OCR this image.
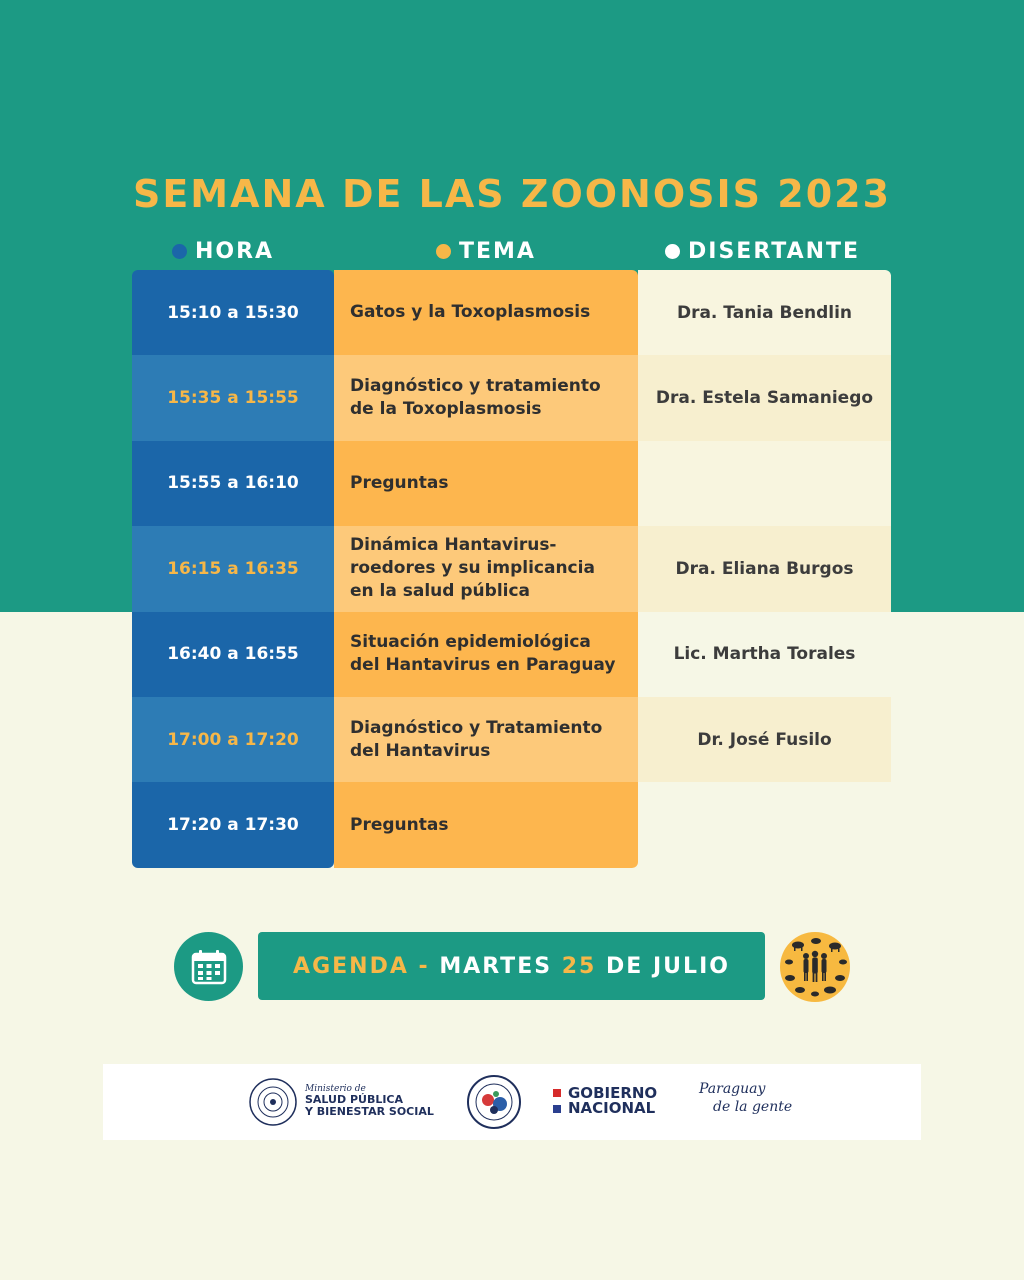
SEMANA DE LAS ZOONOSIS 2023
HORA	TEMA	DISERTANTE
15:10 a 15:30
15:35 a 15:55
15:55 a 16:10
16:15 a 16:35
16:40 a 16:55
17:00 a 17:20
17:20 a 17:30
Gatos y la Toxoplasmosis
Diagnóstico y tratamiento
de la Toxoplasmosis
Preguntas
Dinámica Hantavirus-
roedores y su implicancia
en la salud pública
Situación epidemiológica
del Hantavirus en Paraguay
Diagnóstico y Tratamiento
del Hantavirus
Preguntas
Dra. Tania Bendlin
Dra. Estela Samaniego
Dra. Eliana Burgos
Lic. Martha Torales
Dr. José Fusilo
AGENDA - MARTES
25
DE JULIO
Ministerio de
SALUD PÚBLICA
Y BIENESTAR SOCIAL
GOBIERNO
NACIONAL
Paraguay
de la gente
